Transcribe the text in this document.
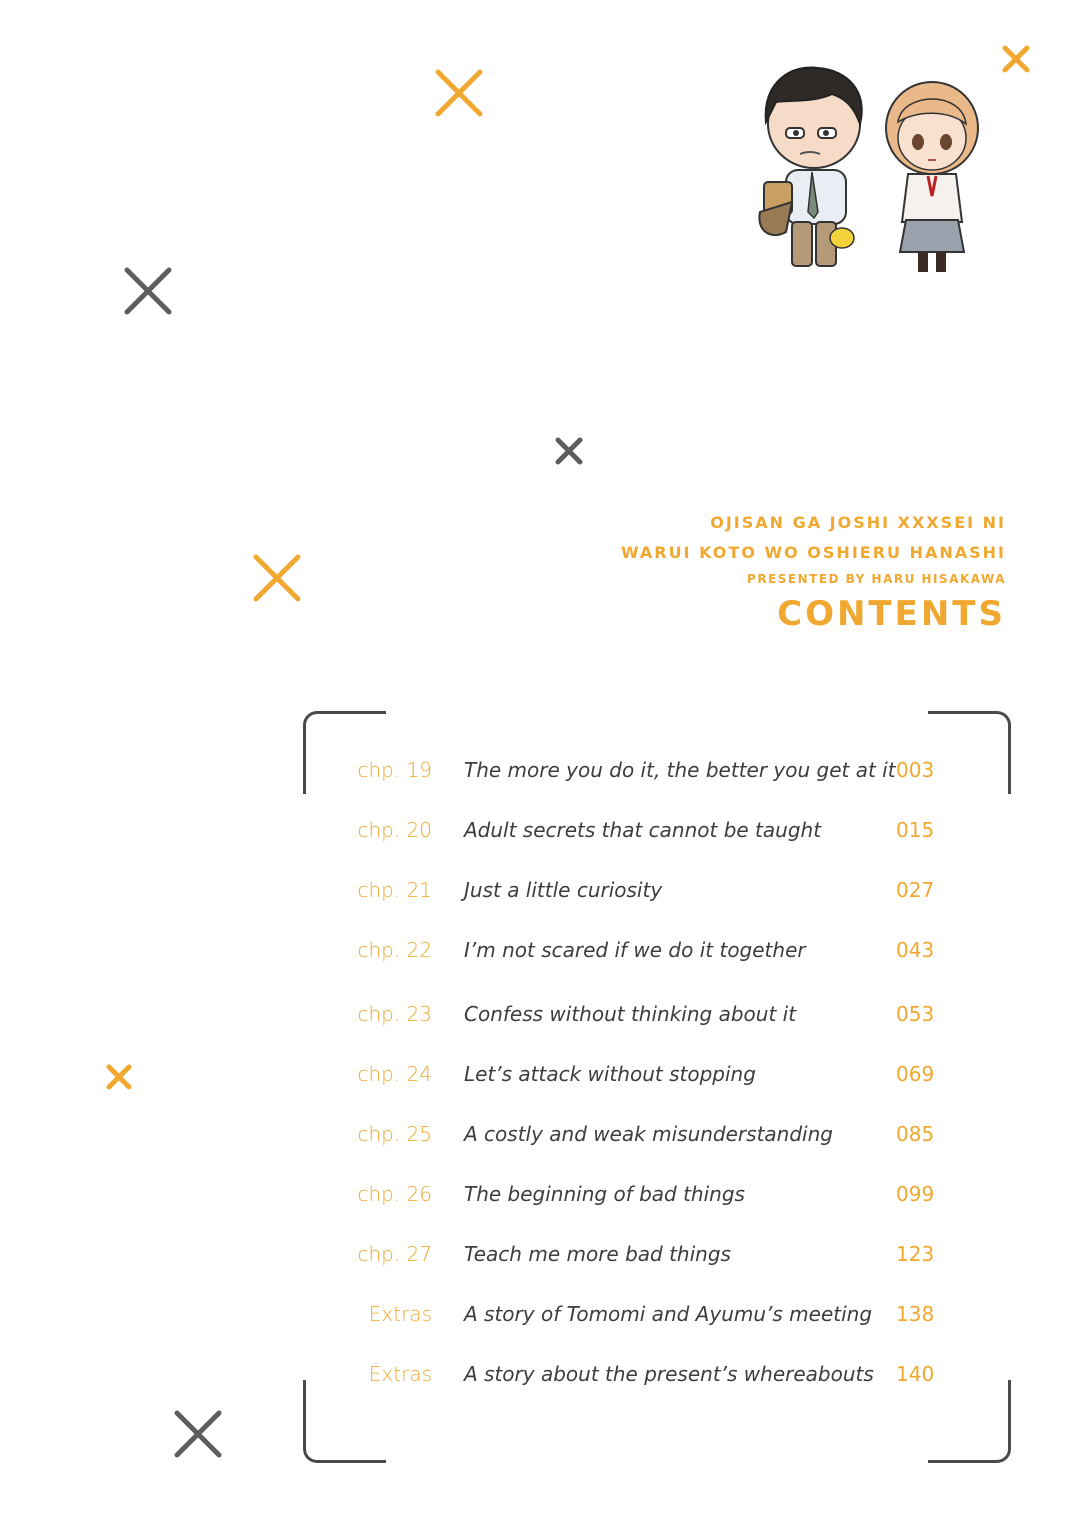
OJISAN GA JOSHI XXXSEI NI
WARUI KOTO WO OSHIERU HANASHI
PRESENTED BY HARU HISAKAWA
CONTENTS
chp. 19 The more you do it, the better you get at it 003
chp. 20 Adult secrets that cannot be taught	015
chp. 21 Just a little curiosity	027
chp. 22 I’m not scared if we do it together	043
chp. 23 Confess without thinking about it	053
chp. 24 Let’s attack without stopping	069
chp. 25 A costly and weak misunderstanding	085
chp. 26 The beginning of bad things	099
chp. 27 Teach me more bad things	123
Extras A story of Tomomi and Ayumu’s meeting 138
Extras A story about the present’s whereabouts 140
